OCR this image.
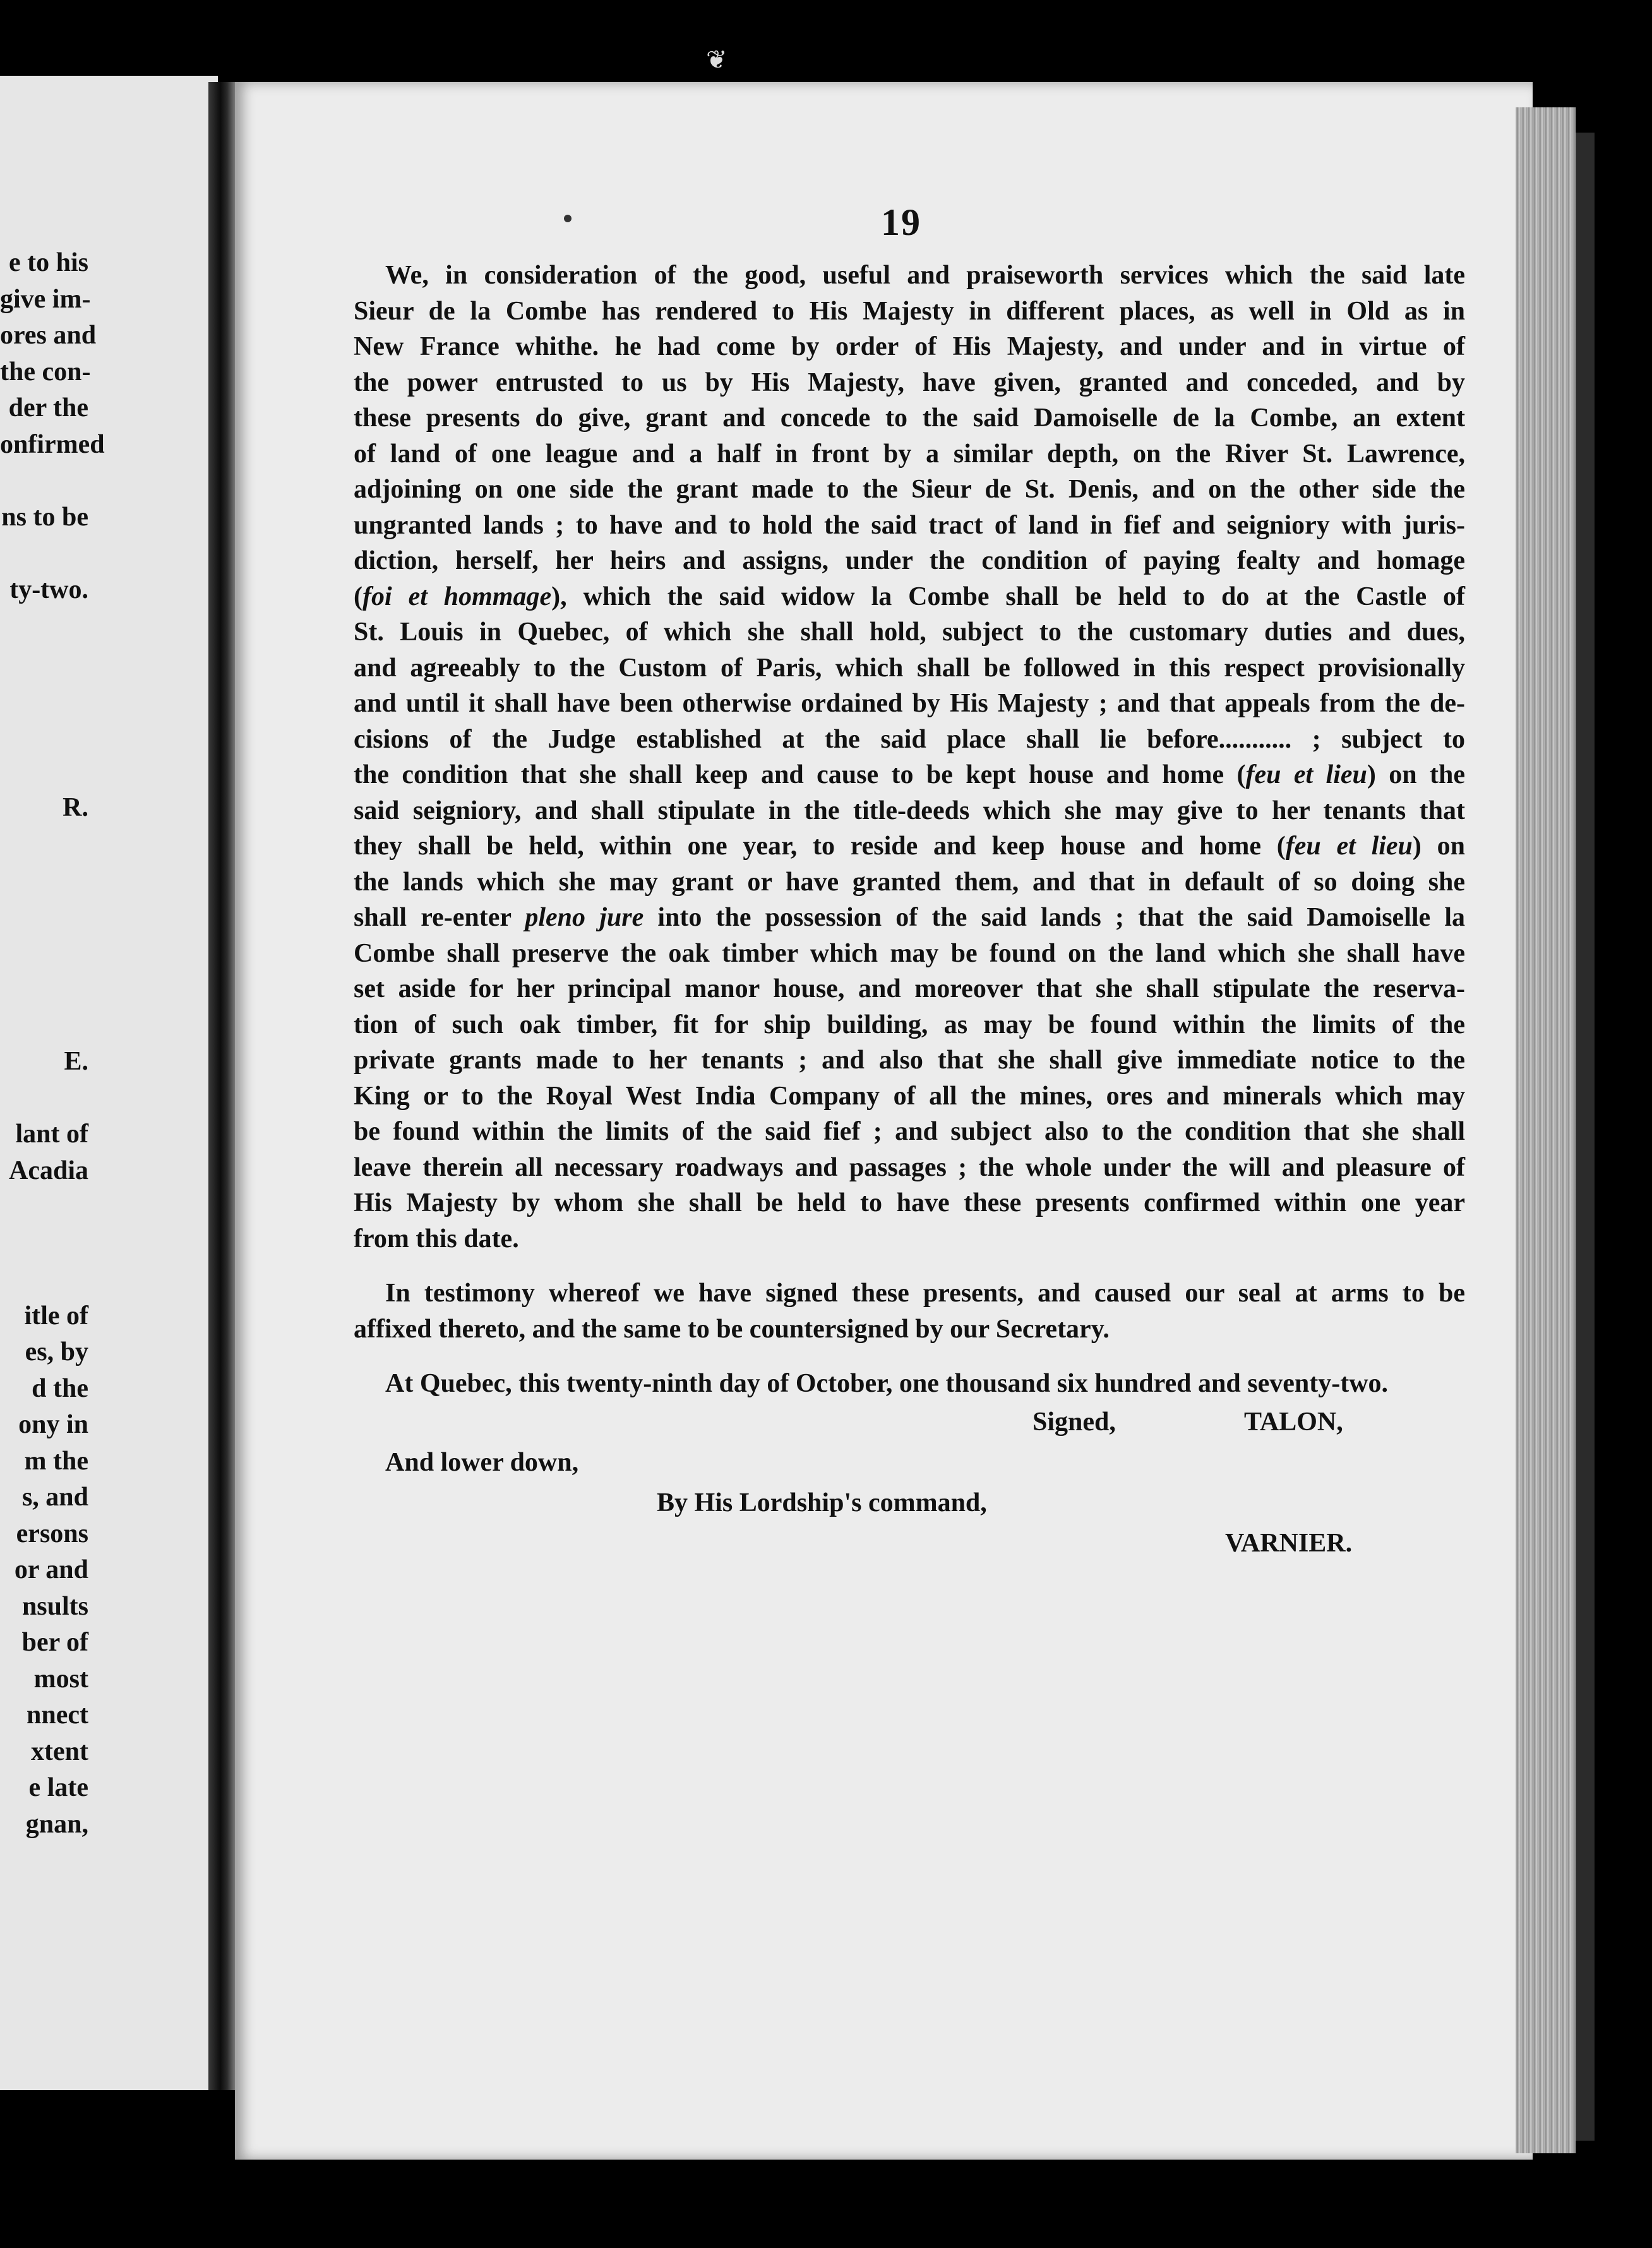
e to his
give im-
ores and
the con-
der the
onfirmed
ns to be
ty-two.
R.
E.
lant of
Acadia
itle of
es, by
d the
ony in
m the
s, and
ersons
or and
nsults
ber of
most
nnect
xtent
e late
gnan,
❦
19
We, in consideration of the good, useful and praiseworth services which the said late
Sieur de la Combe has rendered to His Majesty in different places, as well in Old as in
New France whithe. he had come by order of His Majesty, and under and in virtue of
the power entrusted to us by His Majesty, have given, granted and conceded, and by
these presents do give, grant and concede to the said Damoiselle de la Combe, an extent
of land of one league and a half in front by a similar depth, on the River St. Lawrence,
adjoining on one side the grant made to the Sieur de St. Denis, and on the other side the
ungranted lands ; to have and to hold the said tract of land in fief and seigniory with juris-
diction, herself, her heirs and assigns, under the condition of paying fealty and homage
(foi et hommage), which the said widow la Combe shall be held to do at the Castle of
St. Louis in Quebec, of which she shall hold, subject to the customary duties and dues,
and agreeably to the Custom of Paris, which shall be followed in this respect provisionally
and until it shall have been otherwise ordained by His Majesty ; and that appeals from the de-
cisions of the Judge established at the said place shall lie before........... ; subject to
the condition that she shall keep and cause to be kept house and home (feu et lieu) on the
said seigniory, and shall stipulate in the title-deeds which she may give to her tenants that
they shall be held, within one year, to reside and keep house and home (feu et lieu) on
the lands which she may grant or have granted them, and that in default of so doing she
shall re-enter pleno jure into the possession of the said lands ; that the said Damoiselle la
Combe shall preserve the oak timber which may be found on the land which she shall have
set aside for her principal manor house, and moreover that she shall stipulate the reserva-
tion of such oak timber, fit for ship building, as may be found within the limits of the
private grants made to her tenants ; and also that she shall give immediate notice to the
King or to the Royal West India Company of all the mines, ores and minerals which may
be found within the limits of the said fief ; and subject also to the condition that she shall
leave therein all necessary roadways and passages ; the whole under the will and pleasure of
His Majesty by whom she shall be held to have these presents confirmed within one year
from this date.
In testimony whereof we have signed these presents, and caused our seal at arms to be
affixed thereto, and the same to be countersigned by our Secretary.
At Quebec, this twenty-ninth day of October, one thousand six hundred and seventy-two.
Signed,	TALON,
And lower down,
By His Lordship's command,
VARNIER.
